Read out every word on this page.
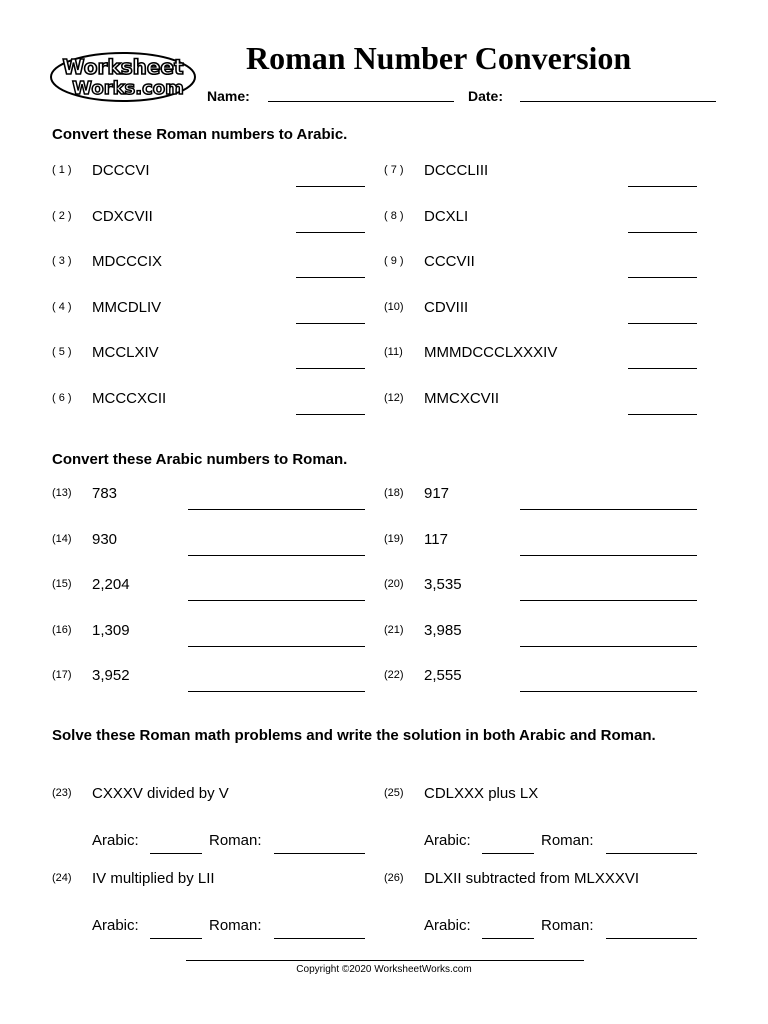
Worksheet
Works.com
Roman Number Conversion
Name:	Date:
Convert these Roman numbers to Arabic.
( 1 ) DCCCVI
( 2 ) CDXCVII
( 3 ) MDCCCIX
( 4 ) MMCDLIV
( 5 ) MCCLXIV
( 6 ) MCCCXCII
( 7 ) DCCCLIII
( 8 ) DCXLI
( 9 ) CCCVII
(10) CDVIII
(11) MMMDCCCLXXXIV
(12) MMCXCVII
Convert these Arabic numbers to Roman.
(13) 783
(14) 930
(15) 2,204
(16) 1,309
(17) 3,952
(18) 917
(19) 117
(20) 3,535
(21) 3,985
(22) 2,555
Solve these Roman math problems and write the solution in both Arabic and Roman.
(23) CXXXV divided by V
Arabic:	Roman:
(25) CDLXXX plus LX
Arabic:	Roman:
(24) IV multiplied by LII
Arabic:	Roman:
(26) DLXII subtracted from MLXXXVI
Arabic:	Roman:
Copyright ©2020 WorksheetWorks.com
